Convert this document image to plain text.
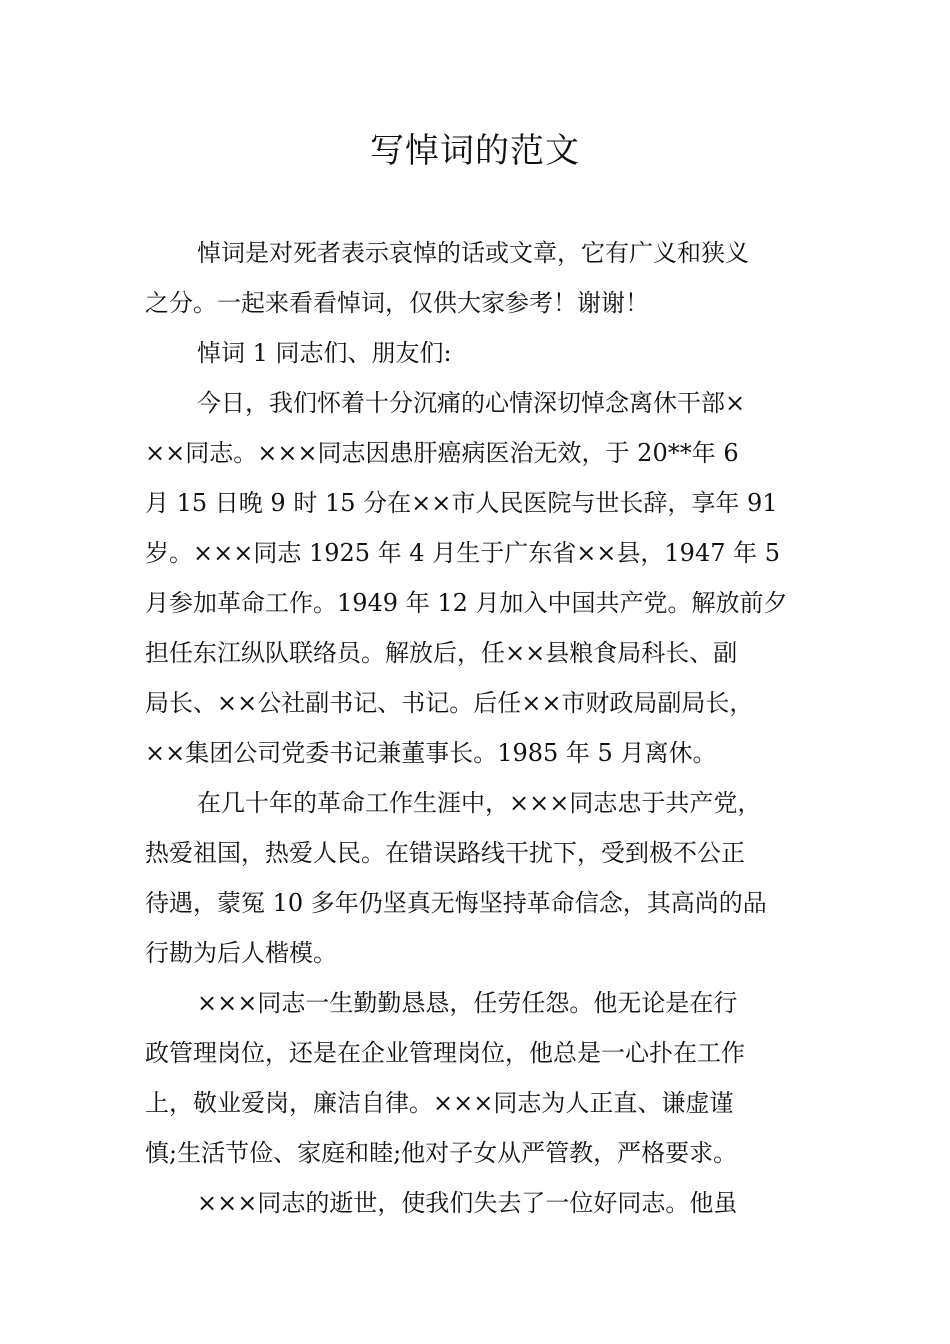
写悼词的范文

悼词是对死者表示哀悼的话或文章，它有广义和狭义
之分。一起来看看悼词，仅供大家参考！谢谢！

悼词 1 同志们、朋友们:

今日，我们怀着十分沉痛的心情深切悼念离休干部×
××同志。×××同志因患肝癌病医治无效，于 20**年 6
月 15 日晚 9 时 15 分在××市人民医院与世长辞，享年 91
岁。×××同志 1925 年 4 月生于广东省××县，1947 年 5
月参加革命工作。1949 年 12 月加入中国共产党。解放前夕
担任东江纵队联络员。解放后，任××县粮食局科长、副
局长、××公社副书记、书记。后任××市财政局副局长，
××集团公司党委书记兼董事长。1985 年 5 月离休。

在几十年的革命工作生涯中，×××同志忠于共产党，
热爱祖国，热爱人民。在错误路线干扰下，受到极不公正
待遇，蒙冤 10 多年仍坚真无悔坚持革命信念，其高尚的品
行勘为后人楷模。

×××同志一生勤勤恳恳，任劳任怨。他无论是在行
政管理岗位，还是在企业管理岗位，他总是一心扑在工作
上，敬业爱岗，廉洁自律。×××同志为人正直、谦虚谨
慎;生活节俭、家庭和睦;他对子女从严管教，严格要求。

×××同志的逝世，使我们失去了一位好同志。他虽
